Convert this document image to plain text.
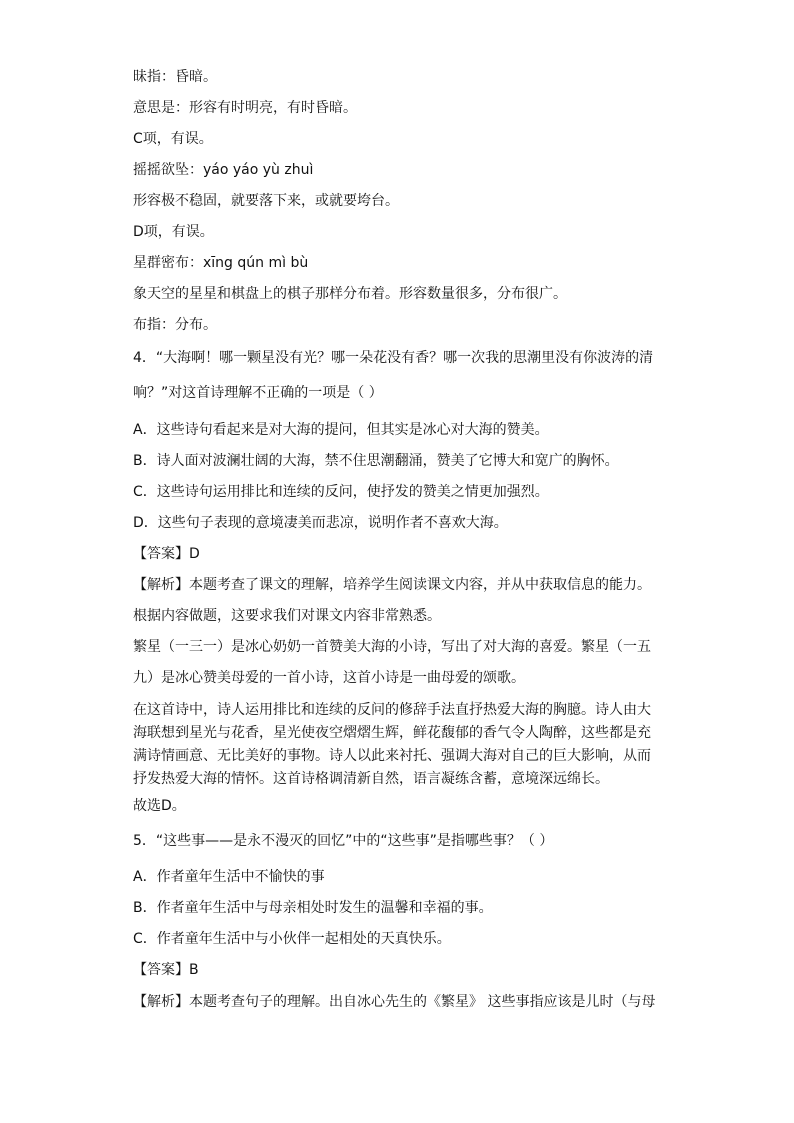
昧指：昏暗。
意思是：形容有时明亮，有时昏暗。
C项，有误。
摇摇欲坠：yáo yáo yù zhuì
形容极不稳固，就要落下来，或就要垮台。
D项，有误。
星群密布：xīng qún mì bù
象天空的星星和棋盘上的棋子那样分布着。形容数量很多，分布很广。
布指：分布。
4．“大海啊！哪一颗星没有光？哪一朵花没有香？哪一次我的思潮里没有你波涛的清
响？”对这首诗理解不正确的一项是（ ）
A．这些诗句看起来是对大海的提问，但其实是冰心对大海的赞美。
B．诗人面对波澜壮阔的大海，禁不住思潮翻涌，赞美了它博大和宽广的胸怀。
C．这些诗句运用排比和连续的反问，使抒发的赞美之情更加强烈。
D．这些句子表现的意境凄美而悲凉，说明作者不喜欢大海。
【答案】D
【解析】本题考查了课文的理解，培养学生阅读课文内容，并从中获取信息的能力。
根据内容做题，这要求我们对课文内容非常熟悉。
繁星（一三一）是冰心奶奶一首赞美大海的小诗，写出了对大海的喜爱。繁星（一五
九）是冰心赞美母爱的一首小诗，这首小诗是一曲母爱的颂歌。
在这首诗中，诗人运用排比和连续的反问的修辞手法直抒热爱大海的胸臆。诗人由大
海联想到星光与花香，星光使夜空熠熠生辉，鲜花馥郁的香气令人陶醉，这些都是充
满诗情画意、无比美好的事物。诗人以此来衬托、强调大海对自己的巨大影响，从而
抒发热爱大海的情怀。这首诗格调清新自然，语言凝练含蓄，意境深远绵长。
故选D。
5．“这些事——是永不漫灭的回忆”中的“这些事”是指哪些事？（ ）
A．作者童年生活中不愉快的事
B．作者童年生活中与母亲相处时发生的温馨和幸福的事。
C．作者童年生活中与小伙伴一起相处的天真快乐。
【答案】B
【解析】本题考查句子的理解。出自冰心先生的《繁星》 这些事指应该是儿时（与母
